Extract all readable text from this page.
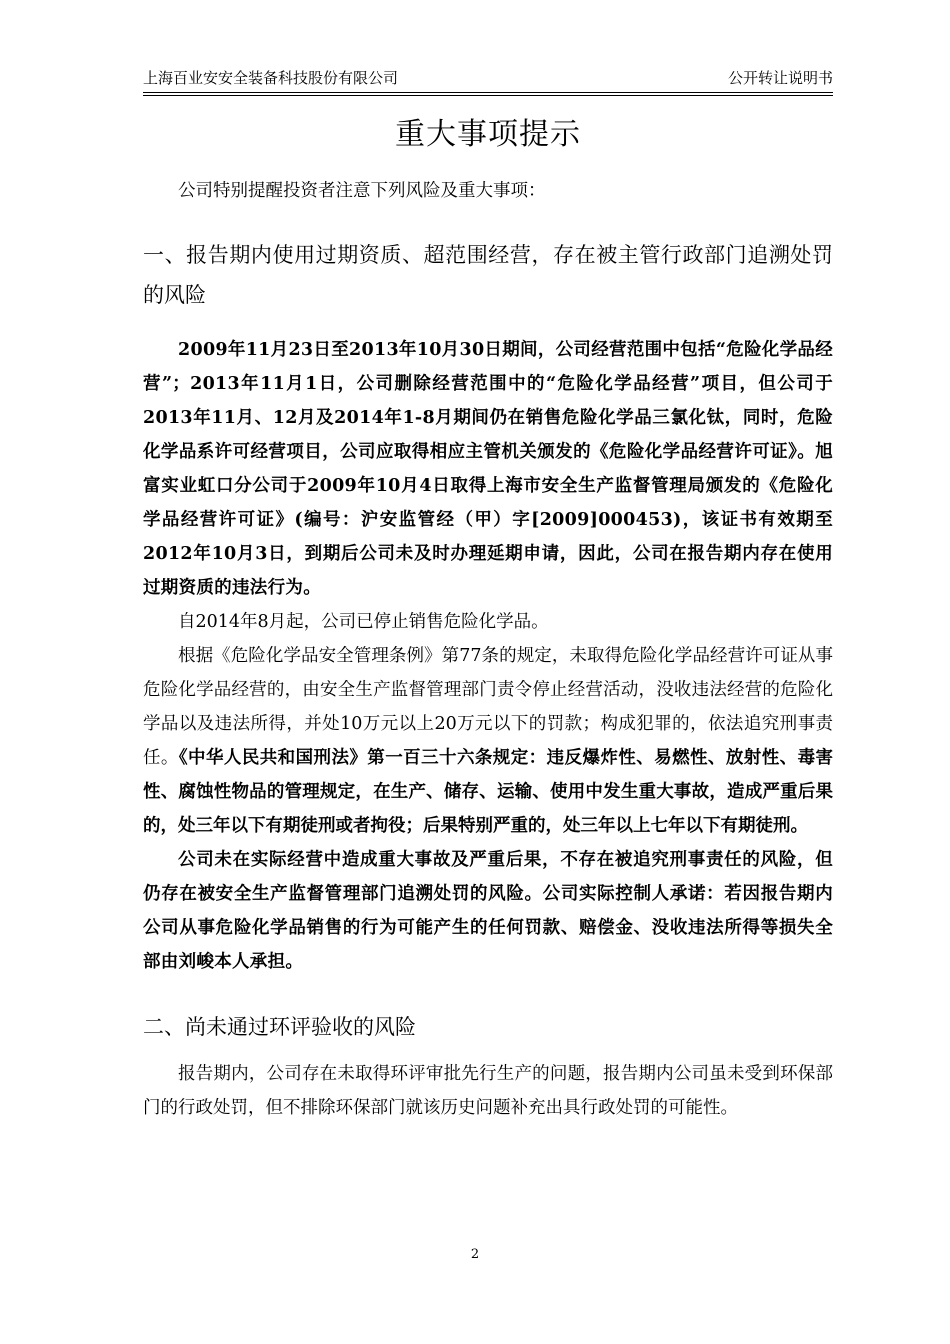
上海百业安安全装备科技股份有限公司	公开转让说明书
重大事项提示

公司特别提醒投资者注意下列风险及重大事项：

一、报告期内使用过期资质、超范围经营，存在被主管行政部门追溯处罚的风险

2009年11月23日至2013年10月30日期间，公司经营范围中包括“危险化学品经营”；2013年11月1日，公司删除经营范围中的“危险化学品经营”项目，但公司于2013年11月、12月及2014年1-8月期间仍在销售危险化学品三氯化钛，同时，危险化学品系许可经营项目，公司应取得相应主管机关颁发的《危险化学品经营许可证》。旭富实业虹口分公司于2009年10月4日取得上海市安全生产监督管理局颁发的《危险化学品经营许可证》(编号：沪安监管经（甲）字[2009]000453)，该证书有效期至2012年10月3日，到期后公司未及时办理延期申请，因此，公司在报告期内存在使用过期资质的违法行为。

自2014年8月起，公司已停止销售危险化学品。

根据《危险化学品安全管理条例》第77条的规定，未取得危险化学品经营许可证从事危险化学品经营的，由安全生产监督管理部门责令停止经营活动，没收违法经营的危险化学品以及违法所得，并处10万元以上20万元以下的罚款；构成犯罪的，依法追究刑事责任。《中华人民共和国刑法》第一百三十六条规定：违反爆炸性、易燃性、放射性、毒害性、腐蚀性物品的管理规定，在生产、储存、运输、使用中发生重大事故，造成严重后果的，处三年以下有期徒刑或者拘役；后果特别严重的，处三年以上七年以下有期徒刑。

公司未在实际经营中造成重大事故及严重后果，不存在被追究刑事责任的风险，但仍存在被安全生产监督管理部门追溯处罚的风险。公司实际控制人承诺：若因报告期内公司从事危险化学品销售的行为可能产生的任何罚款、赔偿金、没收违法所得等损失全部由刘峻本人承担。

二、尚未通过环评验收的风险

报告期内，公司存在未取得环评审批先行生产的问题，报告期内公司虽未受到环保部门的行政处罚，但不排除环保部门就该历史问题补充出具行政处罚的可能性。

2
